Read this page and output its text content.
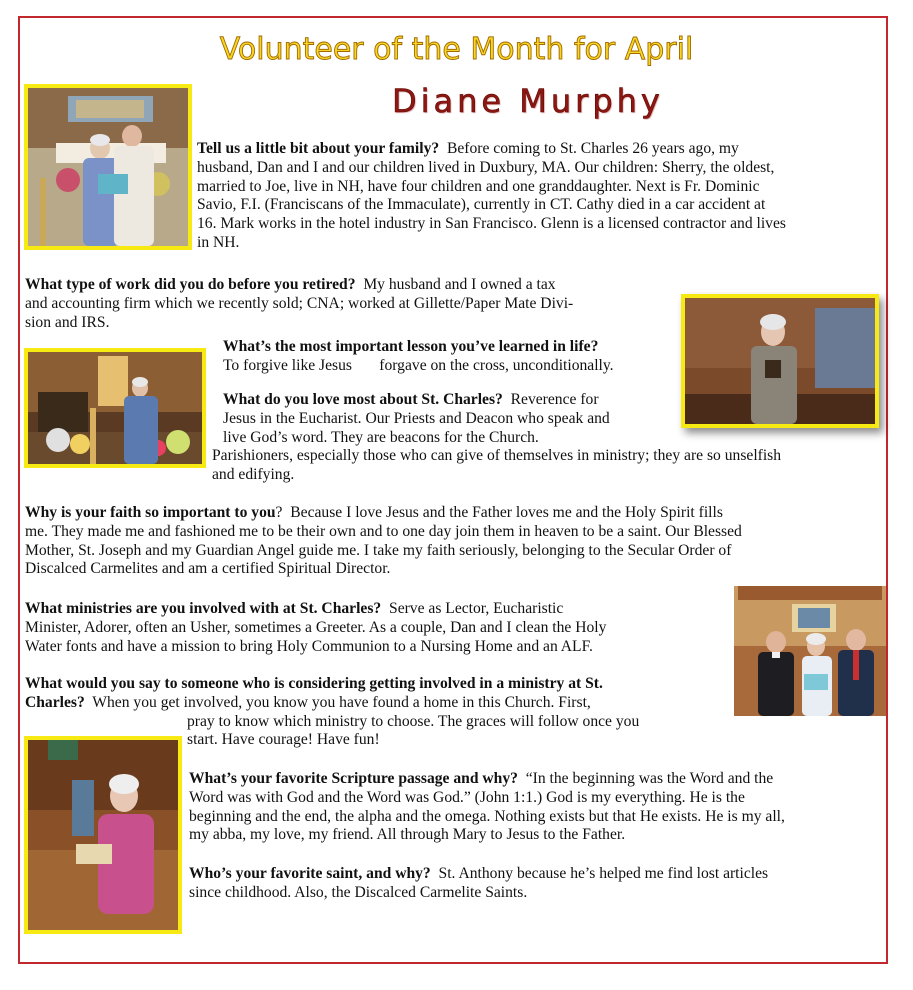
Volunteer of the Month for April
Diane Murphy
Tell us a little bit about your family? Before coming to St. Charles 26 years ago, my
husband, Dan and I and our children lived in Duxbury, MA. Our children: Sherry, the oldest,
married to Joe, live in NH, have four children and one granddaughter. Next is Fr. Dominic
Savio, F.I. (Franciscans of the Immaculate), currently in CT. Cathy died in a car accident at
16. Mark works in the hotel industry in San Francisco. Glenn is a licensed contractor and lives
in NH.
What type of work did you do before you retired? My husband and I owned a tax
and accounting firm which we recently sold; CNA; worked at Gillette/Paper Mate Divi-
sion and IRS.
What’s the most important lesson you’ve learned in life?
To forgive like Jesus       forgave on the cross, unconditionally.
What do you love most about St. Charles? Reverence for
Jesus in the Eucharist. Our Priests and Deacon who speak and
live God’s word. They are beacons for the Church.
Parishioners, especially those who can give of themselves in ministry; they are so unselfish
and edifying.
Why is your faith so important to you? Because I love Jesus and the Father loves me and the Holy Spirit fills
me. They made me and fashioned me to be their own and to one day join them in heaven to be a saint. Our Blessed
Mother, St. Joseph and my Guardian Angel guide me. I take my faith seriously, belonging to the Secular Order of
Discalced Carmelites and am a certified Spiritual Director.
What ministries are you involved with at St. Charles? Serve as Lector, Eucharistic
Minister, Adorer, often an Usher, sometimes a Greeter. As a couple, Dan and I clean the Holy
Water fonts and have a mission to bring Holy Communion to a Nursing Home and an ALF.
What would you say to someone who is considering getting involved in a ministry at St.
Charles? When you get involved, you know you have found a home in this Church. First,
pray to know which ministry to choose. The graces will follow once you
start. Have courage! Have fun!
What’s your favorite Scripture passage and why? “In the beginning was the Word and the
Word was with God and the Word was God.” (John 1:1.) God is my everything. He is the
beginning and the end, the alpha and the omega. Nothing exists but that He exists. He is my all,
my abba, my love, my friend. All through Mary to Jesus to the Father.
Who’s your favorite saint, and why? St. Anthony because he’s helped me find lost articles
since childhood. Also, the Discalced Carmelite Saints.
